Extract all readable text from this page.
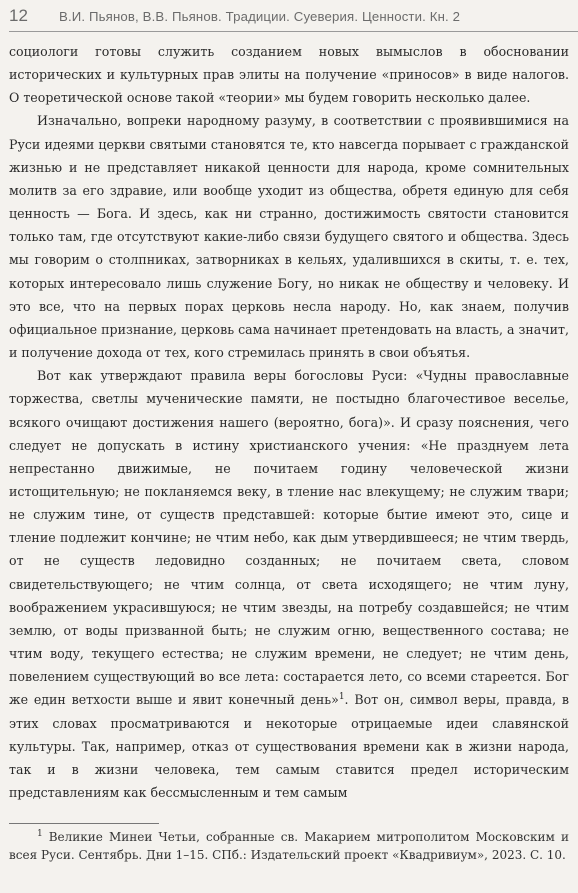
12 В.И. Пьянов, В.В. Пьянов. Традиции. Суеверия. Ценности. Кн. 2

социологи готовы служить созданием новых вымыслов в обосновании исторических и культурных прав элиты на получение «приносов» в виде налогов. О теоретической основе такой «теории» мы будем говорить несколько далее.

Изначально, вопреки народному разуму, в соответствии с проявившимися на Руси идеями церкви святыми становятся те, кто навсегда порывает с гражданской жизнью и не представляет никакой ценности для народа, кроме сомнительных молитв за его здравие, или вообще уходит из общества, обретя единую для себя ценность — Бога. И здесь, как ни странно, достижимость святости становится только там, где отсутствуют какие-либо связи будущего святого и общества. Здесь мы говорим о столпниках, затворниках в кельях, удалившихся в скиты, т. е. тех, которых интересовало лишь служение Богу, но никак не обществу и человеку. И это все, что на первых порах церковь несла народу. Но, как знаем, получив официальное признание, церковь сама начинает претендовать на власть, а значит, и получение дохода от тех, кого стремилась принять в свои объятья.

Вот как утверждают правила веры богословы Руси: «Чудны православные торжества, светлы мученические памяти, не постыдно благочестивое веселье, всякого очищают достижения нашего (вероятно, бога)». И сразу пояснения, чего следует не допускать в истину христианского учения: «Не празднуем лета непрестанно движимые, не почитаем годину человеческой жизни истощительную; не покланяемся веку, в тление нас влекущему; не служим твари; не служим тине, от существ представшей: которые бытие имеют это, сице и тление подлежит кончине; не чтим небо, как дым утвердившееся; не чтим твердь, от не существ ледовидно созданных; не почитаем света, словом свидетельствующего; не чтим солнца, от света исходящего; не чтим луну, воображением украсившуюся; не чтим звезды, на потребу создавшейся; не чтим землю, от воды призванной быть; не служим огню, вещественного состава; не чтим воду, текущего естества; не служим времени, не следует; не чтим день, повелением существующий во все лета: состарается лето, со всеми стареется. Бог же един ветхости выше и явит конечный день»$^1$. Вот он, символ веры, правда, в этих словах просматриваются и некоторые отрицаемые идеи славянской культуры. Так, например, отказ от существования времени как в жизни народа, так и в жизни человека, тем самым ставится предел историческим представлениям как бессмысленным и тем самым

$^1$ Великие Минеи Четьи, собранные св. Макарием митрополитом Московским и всея Руси. Сентябрь. Дни 1–15. СПб.: Издательский проект «Квадривиум», 2023. С. 10.
